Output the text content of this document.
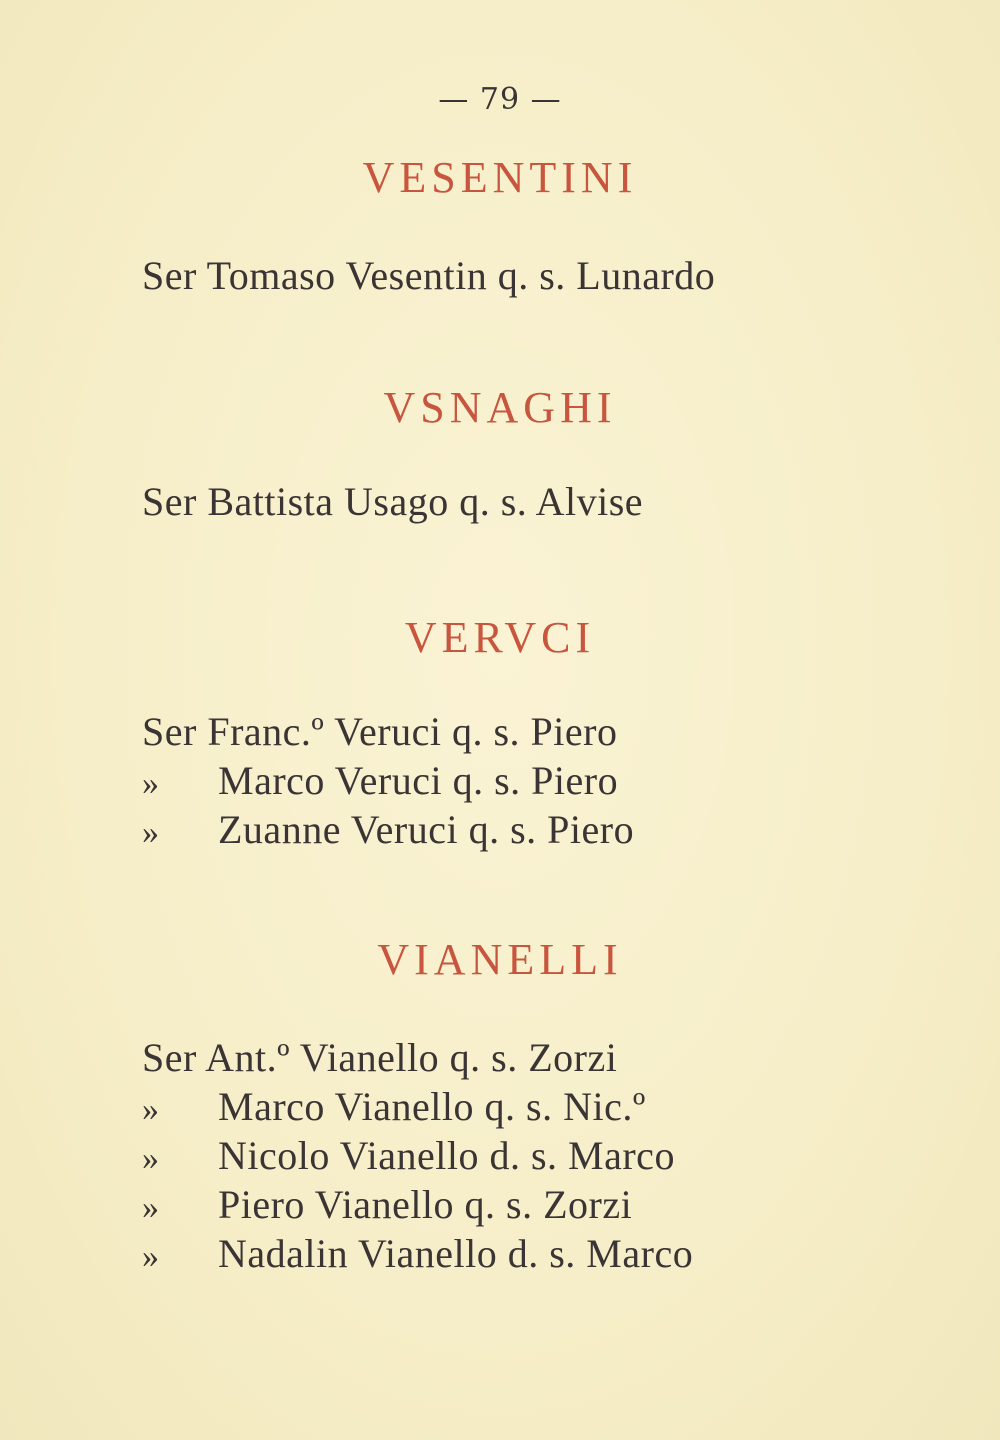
— 79 —
VESENTINI
Ser Tomaso Vesentin q. s. Lunardo
VSNAGHI
Ser Battista Usago q. s. Alvise
VERVCI
Ser Franc.º Veruci q. s. Piero
» Marco Veruci q. s. Piero
» Zuanne Veruci q. s. Piero
VIANELLI
Ser Ant.º Vianello q. s. Zorzi
» Marco Vianello q. s. Nic.º
» Nicolo Vianello d. s. Marco
» Piero Vianello q. s. Zorzi
» Nadalin Vianello d. s. Marco
